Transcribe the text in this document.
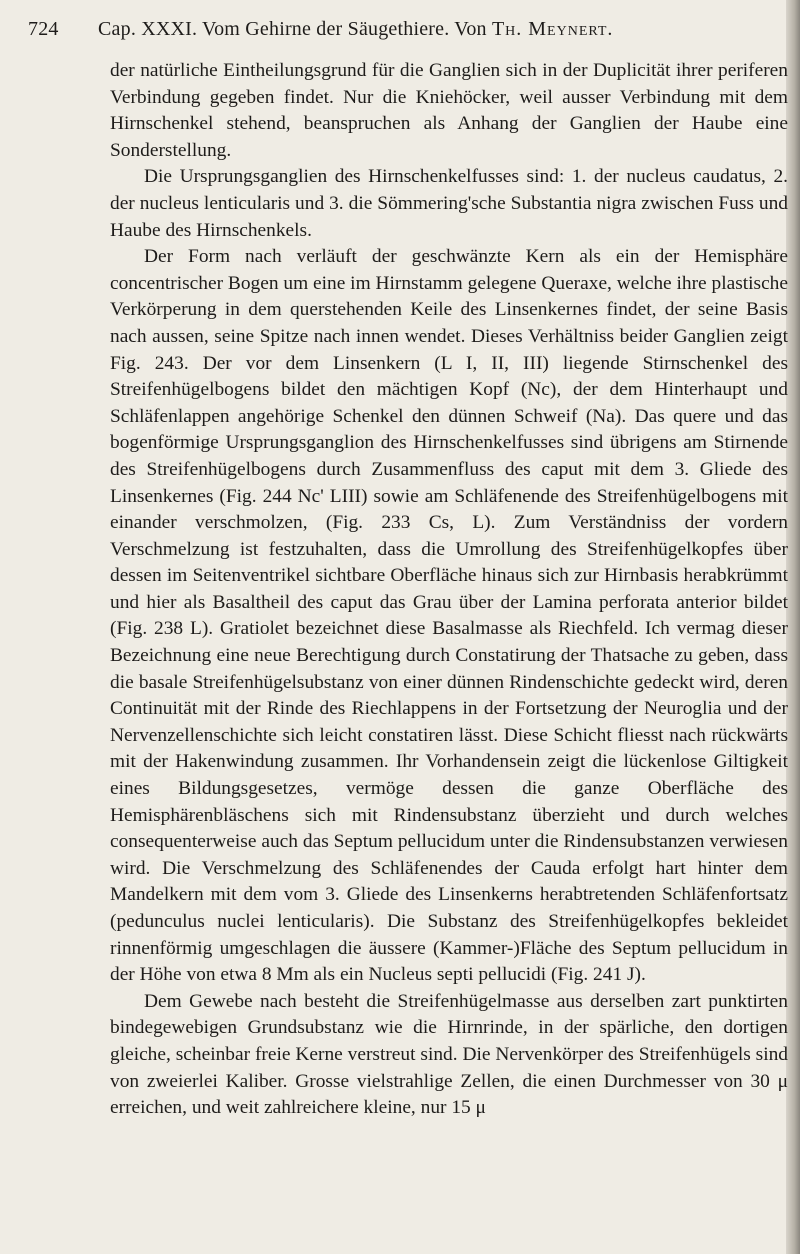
724 Cap. XXXI. Vom Gehirne der Säugethiere. Von Th. Meynert.

der natürliche Eintheilungsgrund für die Ganglien sich in der Duplicität ihrer periferen Verbindung gegeben findet. Nur die Kniehöcker, weil ausser Verbindung mit dem Hirnschenkel stehend, beanspruchen als Anhang der Ganglien der Haube eine Sonderstellung.

Die Ursprungsganglien des Hirnschenkelfusses sind: 1. der nucleus caudatus, 2. der nucleus lenticularis und 3. die Sömmering'sche Substantia nigra zwischen Fuss und Haube des Hirnschenkels.

Der Form nach verläuft der geschwänzte Kern als ein der Hemisphäre concentrischer Bogen um eine im Hirnstamm gelegene Queraxe, welche ihre plastische Verkörperung in dem querstehenden Keile des Linsenkernes findet, der seine Basis nach aussen, seine Spitze nach innen wendet. Dieses Verhältniss beider Ganglien zeigt Fig. 243. Der vor dem Linsenkern (L I, II, III) liegende Stirnschenkel des Streifenhügelbogens bildet den mächtigen Kopf (Nc), der dem Hinterhaupt und Schläfenlappen angehörige Schenkel den dünnen Schweif (Na). Das quere und das bogenförmige Ursprungsganglion des Hirnschenkelfusses sind übrigens am Stirnende des Streifenhügelbogens durch Zusammenfluss des caput mit dem 3. Gliede des Linsenkernes (Fig. 244 Nc' LIII) sowie am Schläfenende des Streifenhügelbogens mit einander verschmolzen, (Fig. 233 Cs, L). Zum Verständniss der vordern Verschmelzung ist festzuhalten, dass die Umrollung des Streifenhügelkopfes über dessen im Seitenventrikel sichtbare Oberfläche hinaus sich zur Hirnbasis herabkrümmt und hier als Basaltheil des caput das Grau über der Lamina perforata anterior bildet (Fig. 238 L). Gratiolet bezeichnet diese Basalmasse als Riechfeld. Ich vermag dieser Bezeichnung eine neue Berechtigung durch Constatirung der Thatsache zu geben, dass die basale Streifenhügelsubstanz von einer dünnen Rindenschichte gedeckt wird, deren Continuität mit der Rinde des Riechlappens in der Fortsetzung der Neuroglia und der Nervenzellenschichte sich leicht constatiren lässt. Diese Schicht fliesst nach rückwärts mit der Hakenwindung zusammen. Ihr Vorhandensein zeigt die lückenlose Giltigkeit eines Bildungsgesetzes, vermöge dessen die ganze Oberfläche des Hemisphärenbläschens sich mit Rindensubstanz überzieht und durch welches consequenterweise auch das Septum pellucidum unter die Rindensubstanzen verwiesen wird. Die Verschmelzung des Schläfenendes der Cauda erfolgt hart hinter dem Mandelkern mit dem vom 3. Gliede des Linsenkerns herabtretenden Schläfenfortsatz (pedunculus nuclei lenticularis). Die Substanz des Streifenhügelkopfes bekleidet rinnenförmig umgeschlagen die äussere (Kammer-)Fläche des Septum pellucidum in der Höhe von etwa 8 Mm als ein Nucleus septi pellucidi (Fig. 241 J).

Dem Gewebe nach besteht die Streifenhügelmasse aus derselben zart punktirten bindegewebigen Grundsubstanz wie die Hirnrinde, in der spärliche, den dortigen gleiche, scheinbar freie Kerne verstreut sind. Die Nervenkörper des Streifenhügels sind von zweierlei Kaliber. Grosse vielstrahlige Zellen, die einen Durchmesser von 30 μ erreichen, und weit zahlreichere kleine, nur 15 μ
